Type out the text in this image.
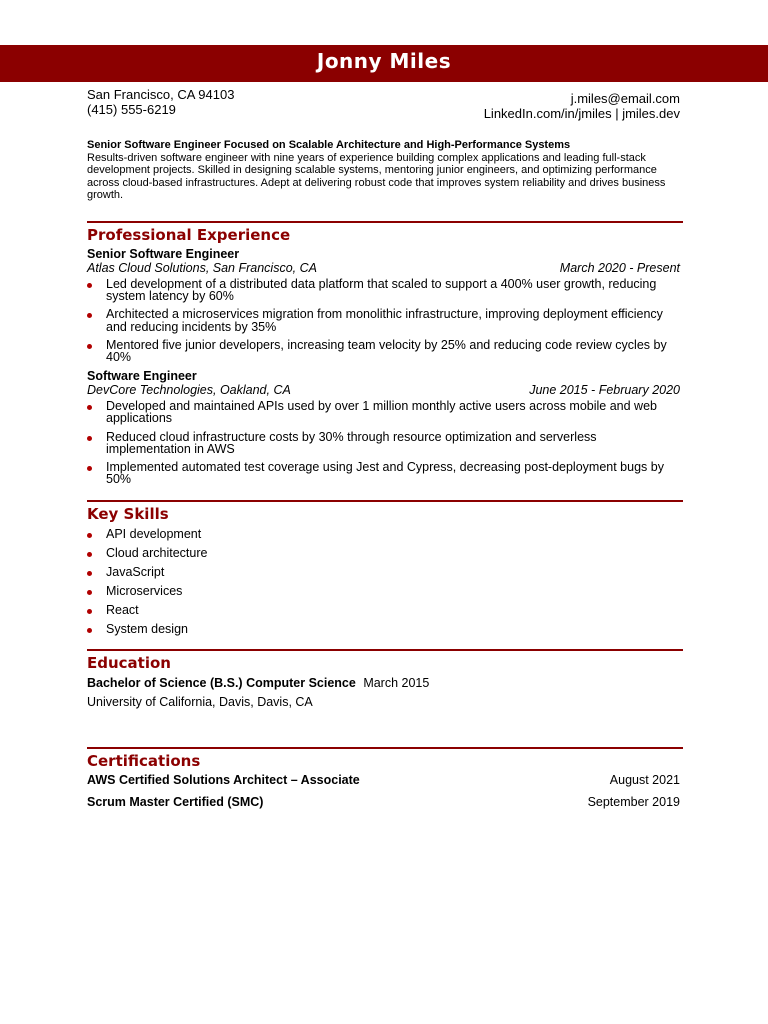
Jonny Miles
San Francisco, CA 94103
(415) 555-6219
j.miles@email.com
LinkedIn.com/in/jmiles | jmiles.dev
Senior Software Engineer Focused on Scalable Architecture and High-Performance Systems
Results-driven software engineer with nine years of experience building complex applications and leading full-stack development projects. Skilled in designing scalable systems, mentoring junior engineers, and optimizing performance across cloud-based infrastructures. Adept at delivering robust code that improves system reliability and drives business growth.
Professional Experience
Senior Software Engineer
Atlas Cloud Solutions, San Francisco, CA	March 2020 - Present
Led development of a distributed data platform that scaled to support a 400% user growth, reducing system latency by 60%
Architected a microservices migration from monolithic infrastructure, improving deployment efficiency and reducing incidents by 35%
Mentored five junior developers, increasing team velocity by 25% and reducing code review cycles by 40%
Software Engineer
DevCore Technologies, Oakland, CA	June 2015 - February 2020
Developed and maintained APIs used by over 1 million monthly active users across mobile and web applications
Reduced cloud infrastructure costs by 30% through resource optimization and serverless implementation in AWS
Implemented automated test coverage using Jest and Cypress, decreasing post-deployment bugs by 50%
Key Skills
API development
Cloud architecture
JavaScript
Microservices
React
System design
Education
Bachelor of Science (B.S.) Computer Science March 2015
University of California, Davis, Davis, CA
Certifications
AWS Certified Solutions Architect – Associate	August 2021
Scrum Master Certified (SMC)	September 2019
